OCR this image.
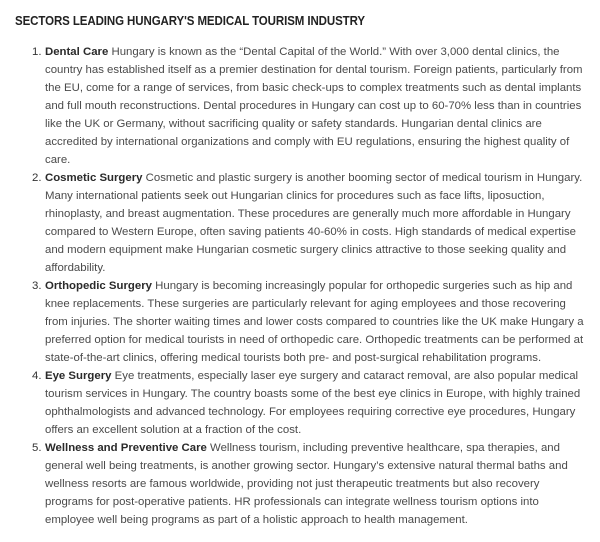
SECTORS LEADING HUNGARY'S MEDICAL TOURISM INDUSTRY
1. Dental Care Hungary is known as the “Dental Capital of the World.” With over 3,000 dental clinics, the country has established itself as a premier destination for dental tourism. Foreign patients, particularly from the EU, come for a range of services, from basic check-ups to complex treatments such as dental implants and full mouth reconstructions. Dental procedures in Hungary can cost up to 60-70% less than in countries like the UK or Germany, without sacrificing quality or safety standards. Hungarian dental clinics are accredited by international organizations and comply with EU regulations, ensuring the highest quality of care.
2. Cosmetic Surgery Cosmetic and plastic surgery is another booming sector of medical tourism in Hungary. Many international patients seek out Hungarian clinics for procedures such as face lifts, liposuction, rhinoplasty, and breast augmentation. These procedures are generally much more affordable in Hungary compared to Western Europe, often saving patients 40-60% in costs. High standards of medical expertise and modern equipment make Hungarian cosmetic surgery clinics attractive to those seeking quality and affordability.
3. Orthopedic Surgery Hungary is becoming increasingly popular for orthopedic surgeries such as hip and knee replacements. These surgeries are particularly relevant for aging employees and those recovering from injuries. The shorter waiting times and lower costs compared to countries like the UK make Hungary a preferred option for medical tourists in need of orthopedic care. Orthopedic treatments can be performed at state-of-the-art clinics, offering medical tourists both pre- and post-surgical rehabilitation programs.
4. Eye Surgery Eye treatments, especially laser eye surgery and cataract removal, are also popular medical tourism services in Hungary. The country boasts some of the best eye clinics in Europe, with highly trained ophthalmologists and advanced technology. For employees requiring corrective eye procedures, Hungary offers an excellent solution at a fraction of the cost.
5. Wellness and Preventive Care Wellness tourism, including preventive healthcare, spa therapies, and general well being treatments, is another growing sector. Hungary’s extensive natural thermal baths and wellness resorts are famous worldwide, providing not just therapeutic treatments but also recovery programs for post-operative patients. HR professionals can integrate wellness tourism options into employee well being programs as part of a holistic approach to health management.
